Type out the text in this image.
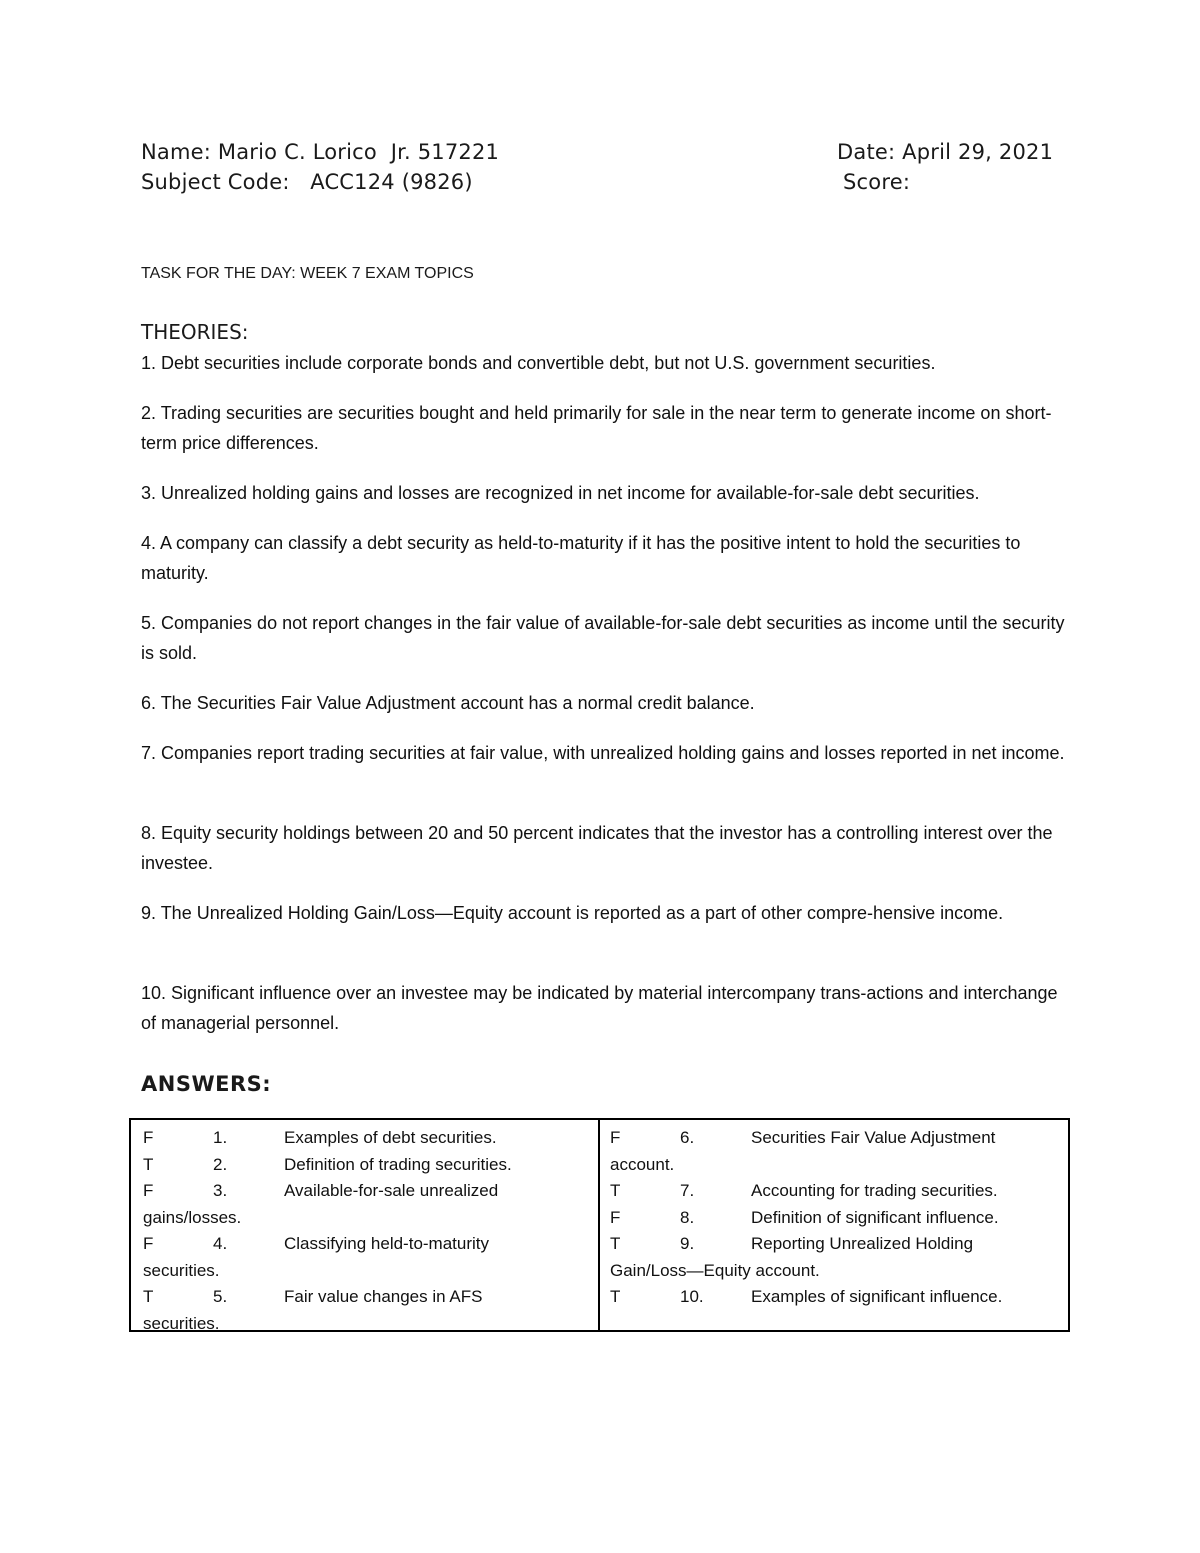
Name: Mario C. Lorico  Jr. 517221	Date: April 29, 2021
Subject Code:   ACC124 (9826)	Score:
TASK FOR THE DAY: WEEK 7 EXAM TOPICS
THEORIES:
1. Debt securities include corporate bonds and convertible debt, but not U.S. government securities.
2. Trading securities are securities bought and held primarily for sale in the near term to generate income on short-term price differences.
3. Unrealized holding gains and losses are recognized in net income for available-for-sale debt securities.
4. A company can classify a debt security as held-to-maturity if it has the positive intent to hold the securities to maturity.
5. Companies do not report changes in the fair value of available-for-sale debt securities as income until the security is sold.
6. The Securities Fair Value Adjustment account has a normal credit balance.
7. Companies report trading securities at fair value, with unrealized holding gains and losses reported in net income.
8. Equity security holdings between 20 and 50 percent indicates that the investor has a controlling interest over the investee.
9. The Unrealized Holding Gain/Loss—Equity account is reported as a part of other compre-hensive income.
10. Significant influence over an investee may be indicated by material intercompany trans-actions and interchange of managerial personnel.
ANSWERS:
F	1.	Examples of debt securities.
T	2.	Definition of trading securities.
F	3.	Available-for-sale unrealized
gains/losses.
F	4.	Classifying held-to-maturity
securities.
T	5.	Fair value changes in AFS
securities.
F	6.	Securities Fair Value Adjustment
account.
T	7.	Accounting for trading securities.
F	8.	Definition of significant influence.
T	9.	Reporting Unrealized Holding
Gain/Loss—Equity account.
T	10.	Examples of significant influence.
